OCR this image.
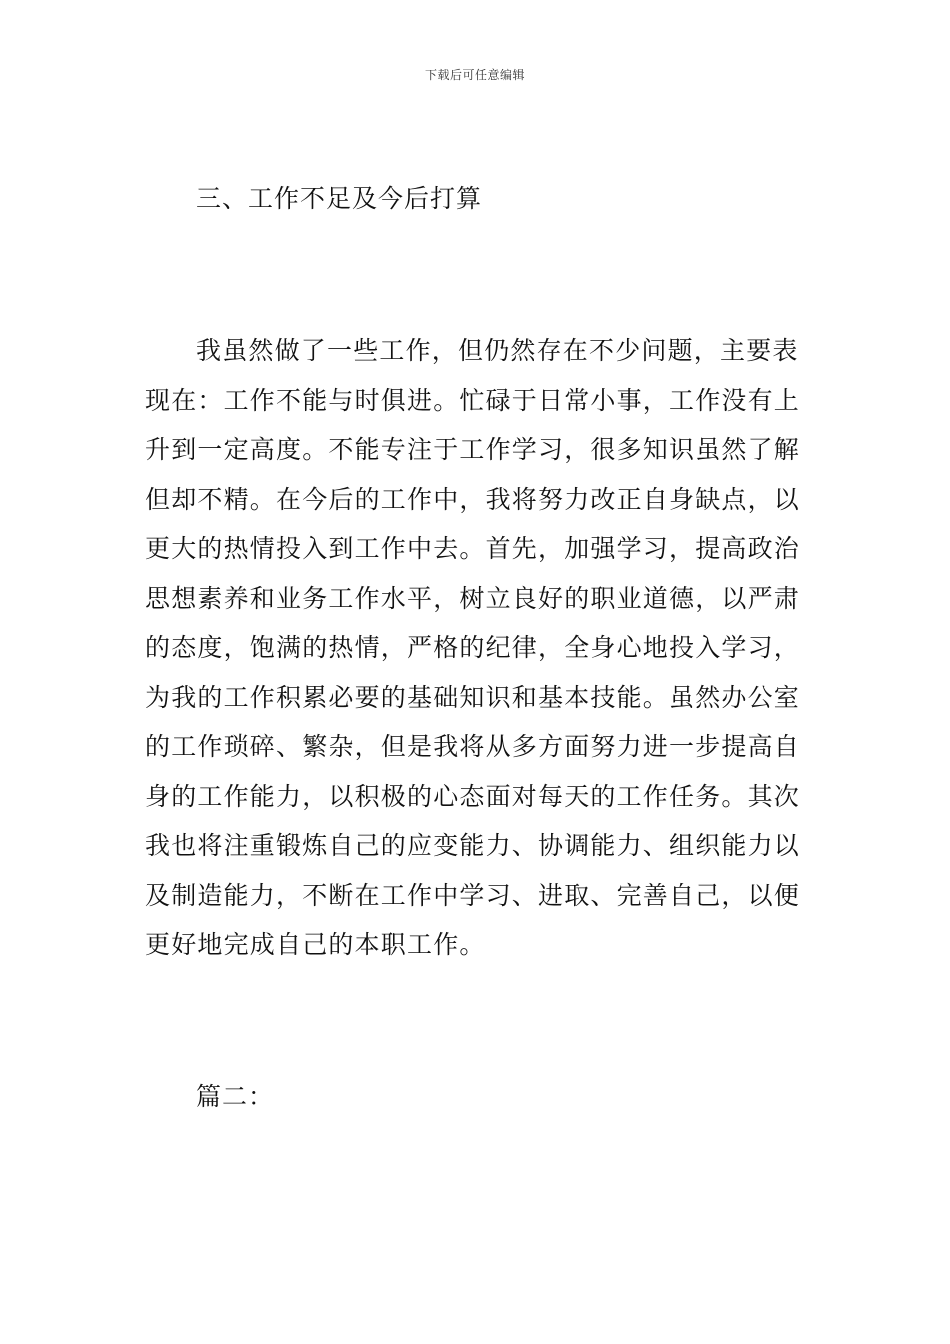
下载后可任意编辑
三、工作不足及今后打算
我虽然做了一些工作，但仍然存在不少问题，主要表
现在：工作不能与时俱进。忙碌于日常小事，工作没有上
升到一定高度。不能专注于工作学习，很多知识虽然了解
但却不精。在今后的工作中，我将努力改正自身缺点，以
更大的热情投入到工作中去。首先，加强学习，提高政治
思想素养和业务工作水平，树立良好的职业道德，以严肃
的态度，饱满的热情，严格的纪律，全身心地投入学习，
为我的工作积累必要的基础知识和基本技能。虽然办公室
的工作琐碎、繁杂，但是我将从多方面努力进一步提高自
身的工作能力，以积极的心态面对每天的工作任务。其次
我也将注重锻炼自己的应变能力、协调能力、组织能力以
及制造能力，不断在工作中学习、进取、完善自己，以便
更好地完成自己的本职工作。
篇二：
